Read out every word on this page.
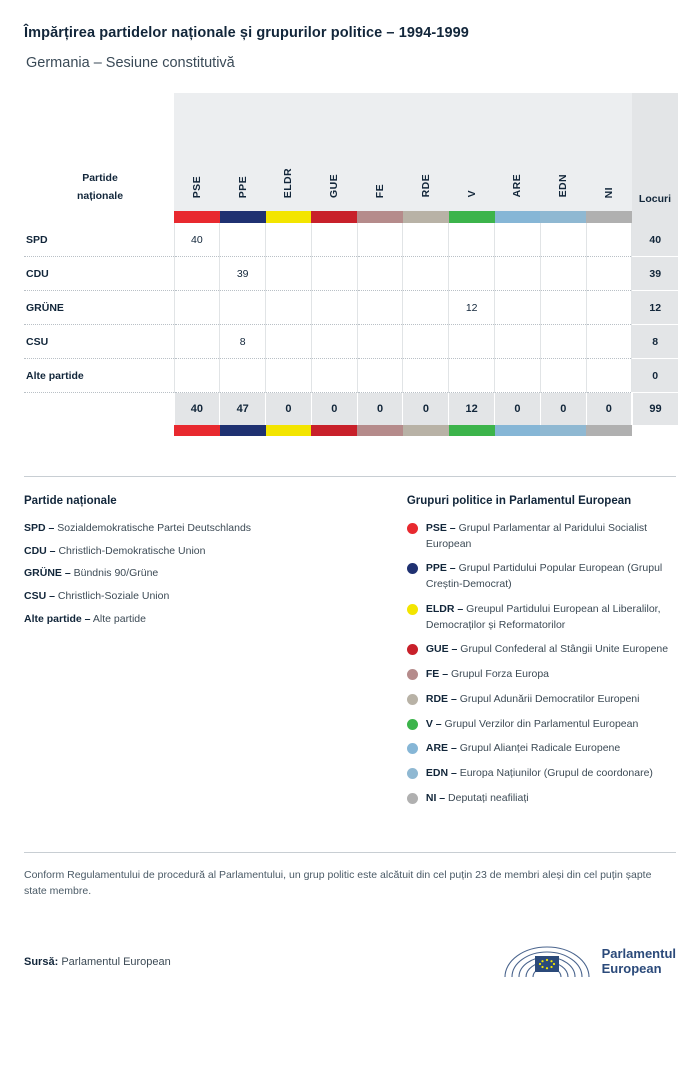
Împărțirea partidelor naționale și grupurilor politice – 1994-1999
Germania – Sesiune constitutivă
Partide
naționale	PSE	PPE	ELDR	GUE	FE	RDE	V	ARE	EDN	NI	Locuri

SPD	40										40
CDU		39									39
GRÜNE							12				12
CSU		8									8
Alte partide											0
	40	47	0	0	0	0	12	0	0	0	99

Partide naționale
SPD – Sozialdemokratische Partei Deutschlands
CDU – Christlich-Demokratische Union
GRÜNE – Bündnis 90/Grüne
CSU – Christlich-Soziale Union
Alte partide – Alte partide
Grupuri politice in Parlamentul European
PSE – Grupul Parlamentar al Paridului Socialist European
PPE – Grupul Partidului Popular European (Grupul Creștin-Democrat)
ELDR – Greupul Partidului European al Liberalilor, Democraților și Reformatorilor
GUE – Grupul Confederal al Stângii Unite Europene
FE – Grupul Forza Europa
RDE – Grupul Adunării Democratilor Europeni
V – Grupul Verzilor din Parlamentul European
ARE – Grupul Alianței Radicale Europene
EDN – Europa Națiunilor (Grupul de coordonare)
NI – Deputați neafiliați
Conform Regulamentului de procedură al Parlamentului, un grup politic este alcătuit din cel puțin 23 de membri aleși din cel puțin șapte state membre.
Sursă: Parlamentul European
Parlamentul
European
